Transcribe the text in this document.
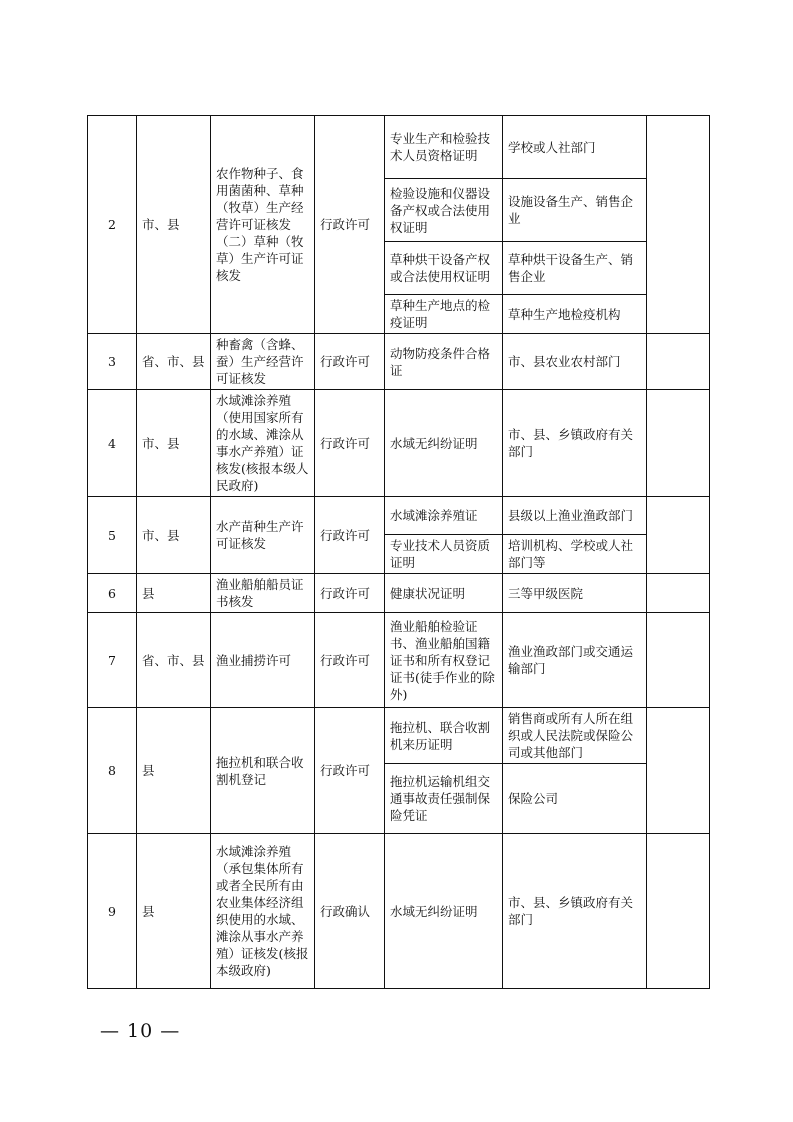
2	市、县	农作物种子、食用菌菌种、草种（牧草）生产经营许可证核发（二）草种（牧草）生产许可证核发	行政许可	专业生产和检验技术人员资格证明	学校或人社部门	
				检验设施和仪器设备产权或合法使用权证明	设施设备生产、销售企业	
				草种烘干设备产权或合法使用权证明	草种烘干设备生产、销售企业	
				草种生产地点的检疫证明	草种生产地检疫机构	
3	省、市、县	种畜禽（含蜂、蚕）生产经营许可证核发	行政许可	动物防疫条件合格证	市、县农业农村部门	
4	市、县	水域滩涂养殖（使用国家所有的水域、滩涂从事水产养殖）证核发(核报本级人民政府)	行政许可	水域无纠纷证明	市、县、乡镇政府有关部门	
5	市、县	水产苗种生产许可证核发	行政许可	水域滩涂养殖证	县级以上渔业渔政部门	
				专业技术人员资质证明	培训机构、学校或人社部门等	
6	县	渔业船舶船员证书核发	行政许可	健康状况证明	三等甲级医院	
7	省、市、县	渔业捕捞许可	行政许可	渔业船舶检验证书、渔业船舶国籍证书和所有权登记证书(徒手作业的除外)	渔业渔政部门或交通运输部门	
8	县	拖拉机和联合收割机登记	行政许可	拖拉机、联合收割机来历证明	销售商或所有人所在组织或人民法院或保险公司或其他部门	
				拖拉机运输机组交通事故责任强制保险凭证	保险公司	
9	县	水域滩涂养殖（承包集体所有或者全民所有由农业集体经济组织使用的水域、滩涂从事水产养殖）证核发(核报本级政府)	行政确认	水域无纠纷证明	市、县、乡镇政府有关部门	
— 10 —
